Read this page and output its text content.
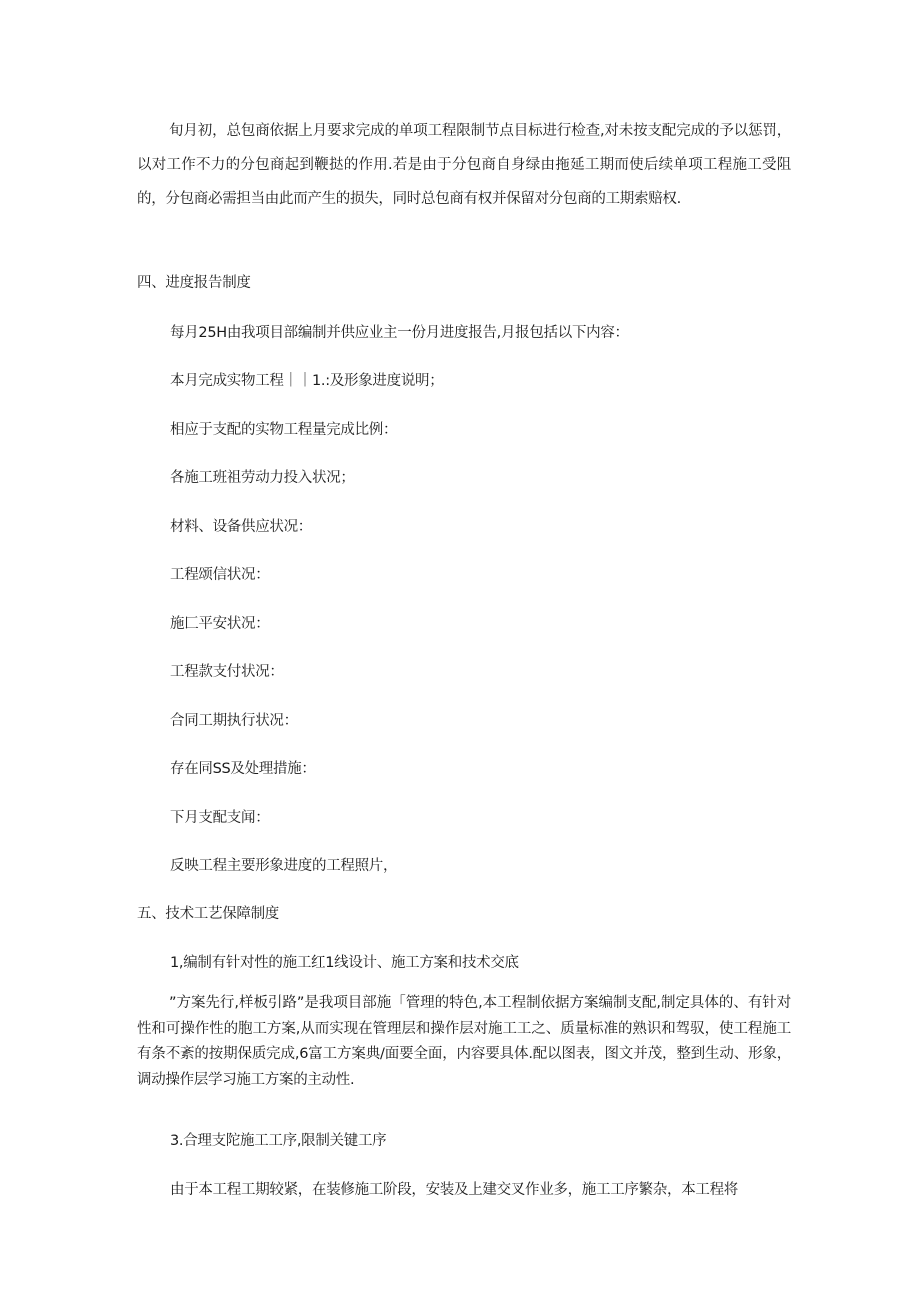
旬月初，总包商依据上月要求完成的单项工程限制节点目标进行检查,对未按支配完成的予以惩罚，以对工作不力的分包商起到鞭挞的作用.若是由于分包商自身绿由拖延工期而使后续单项工程施工受阻的，分包商必需担当由此而产生的损失，同时总包商有权并保留对分包商的工期索赔权.

四、进度报告制度

每月25H由我项目部编制并供应业主一份月进度报告,月报包括以下内容：

本月完成实物工程｜｜1.:及形象进度说明；

相应于支配的实物工程量完成比例：

各施工班祖劳动力投入状况；

材料、设备供应状况：

工程颂信状况：

施匚平安状况：

工程款支付状况：

合同工期执行状况：

存在同SS及处理措施：

下月支配支闻：

反映工程主要形象进度的工程照片，

五、技术工艺保障制度

1,编制有针对性的施工红1线设计、施工方案和技术交底

”方案先行,样板引路”是我项目部施「管理的特色,本工程制依据方案编制支配,制定具体的、有针对性和可操作性的胞工方案,从而实现在管理层和操作层对施工工之、质量标准的熟识和驾驭，使工程施工有条不紊的按期保质完成,6富工方案典/面要全面，内容要具体.配以图表，图文并茂，整到生动、形象，调动操作层学习施工方案的主动性.

3.合理支陀施工工序,限制关键工序

由于本工程工期较紧，在装修施工阶段，安装及上建交叉作业多，施工工序繁杂，本工程将
